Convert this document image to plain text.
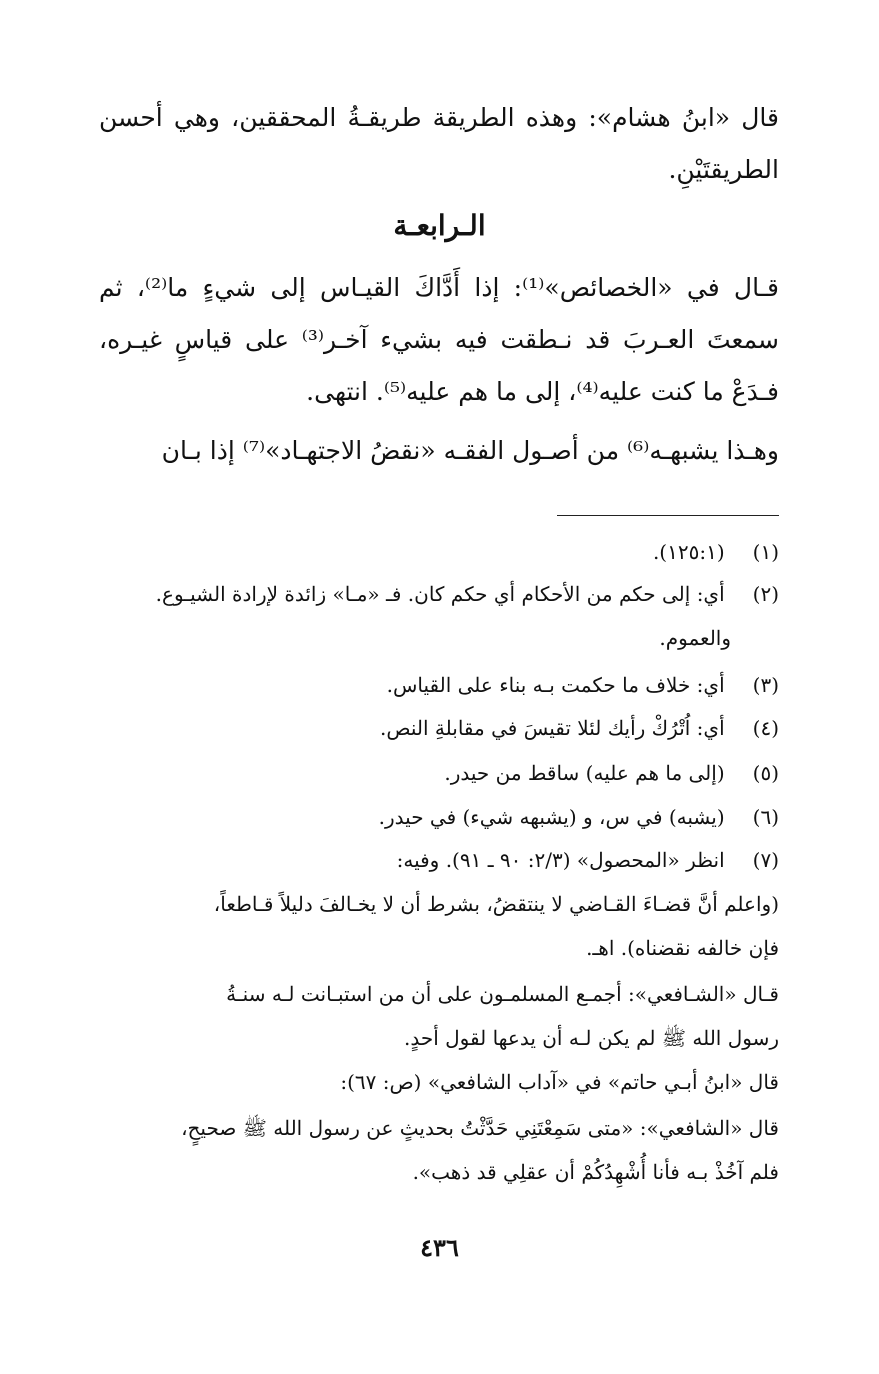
قال «ابنُ هشام»: وهذه الطريقة طريقـةُ المحققين، وهي أحسن الطريقتَيْنِ.

الـرابعـة

قـال في «الخصائص»⁽¹⁾: إذا أَدَّاكَ القيـاس إلى شيءٍ ما⁽²⁾، ثم سمعتَ العـربَ قد نـطقت فيه بشيء آخـر⁽³⁾ على قياسٍ غيـره، فـدَعْ ما كنت عليه⁽⁴⁾، إلى ما هم عليه⁽⁵⁾. انتهى.

وهـذا يشبهـه⁽⁶⁾ من أصـول الفقـه «نقضُ الاجتهـاد»⁽⁷⁾ إذا بـان

(١) (١٢٥:١).

(٢) أي: إلى حكم من الأحكام أي حكم كان. فـ «مـا» زائدة لإرادة الشيـوع.

والعموم.

(٣) أي: خلاف ما حكمت بـه بناء على القياس.

(٤) أي: اُتْرُكْ رأيك لئلا تقيسَ في مقابلةِ النص.

(٥) (إلى ما هم عليه) ساقط من حيدر.

(٦) (يشبه) في س، و (يشبهه شيء) في حيدر.

(٧) انظر «المحصول» (٢/٣: ٩٠ ـ ٩١). وفيه:

(واعلم أنَّ قضـاءَ القـاضي لا ينتقضُ، بشرط أن لا يخـالفَ دليلاً قـاطعاً،

فإن خالفه نقضناه). اهـ.

قـال «الشـافعي»: أجمـع المسلمـون على أن من استبـانت لـه سنـةُ

رسول الله ﷺ لم يكن لـه أن يدعها لقول أحدٍ.

قال «ابنُ أبـي حاتم» في «آداب الشافعي» (ص: ٦٧):

قال «الشافعي»: «متى سَمِعْتَنِي حَدَّثْتُ بحديثٍ عن رسول الله ﷺ صحيحٍ،

فلم آخُذْ بـه فأنا أُشْهِدُكُمْ أن عقلِي قد ذهب».

٤٣٦
